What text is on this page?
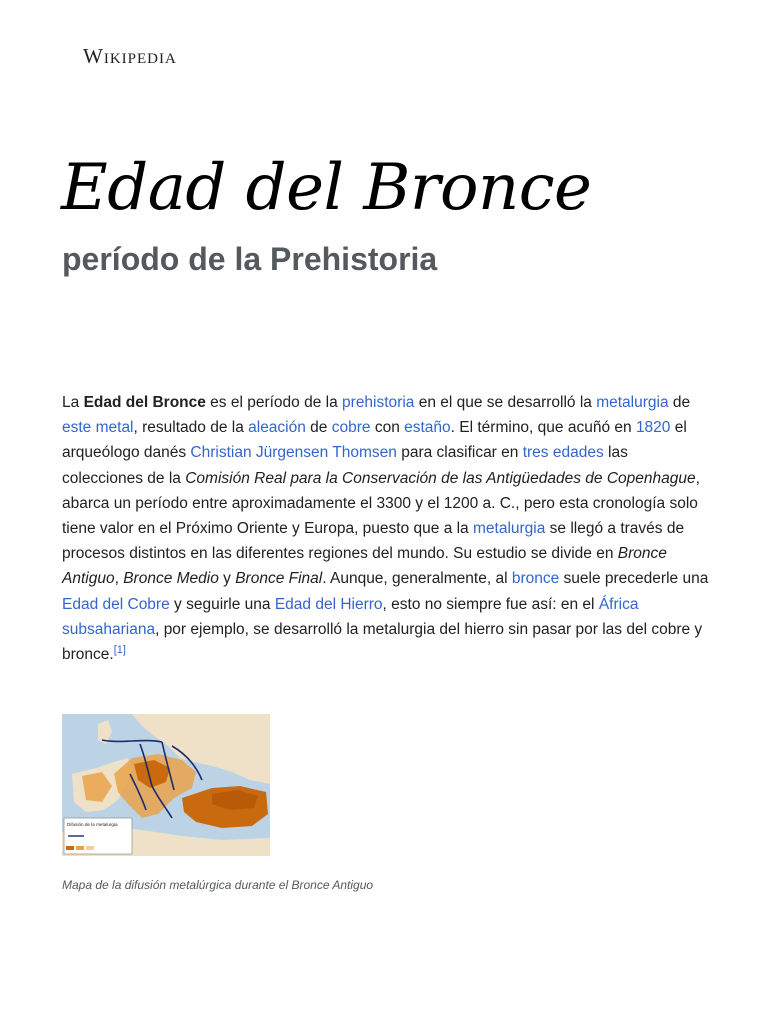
Wikipedia
Edad del Bronce
período de la Prehistoria

La Edad del Bronce es el período de la prehistoria en el que se desarrolló la metalurgia de este metal, resultado de la aleación de cobre con estaño. El término, que acuñó en 1820 el arqueólogo danés Christian Jürgensen Thomsen para clasificar en tres edades las colecciones de la Comisión Real para la Conservación de las Antigüedades de Copenhague, abarca un período entre aproximadamente el 3300 y el 1200 a. C., pero esta cronología solo tiene valor en el Próximo Oriente y Europa, puesto que a la metalurgia se llegó a través de procesos distintos en las diferentes regiones del mundo. Su estudio se divide en Bronce Antiguo, Bronce Medio y Bronce Final. Aunque, generalmente, al bronce suele precederle una Edad del Cobre y seguirle una Edad del Hierro, esto no siempre fue así: en el África subsahariana, por ejemplo, se desarrolló la metalurgia del hierro sin pasar por las del cobre y bronce.[1]

Difusión de la metalurgia

Mapa de la difusión metalúrgica durante el Bronce Antiguo
